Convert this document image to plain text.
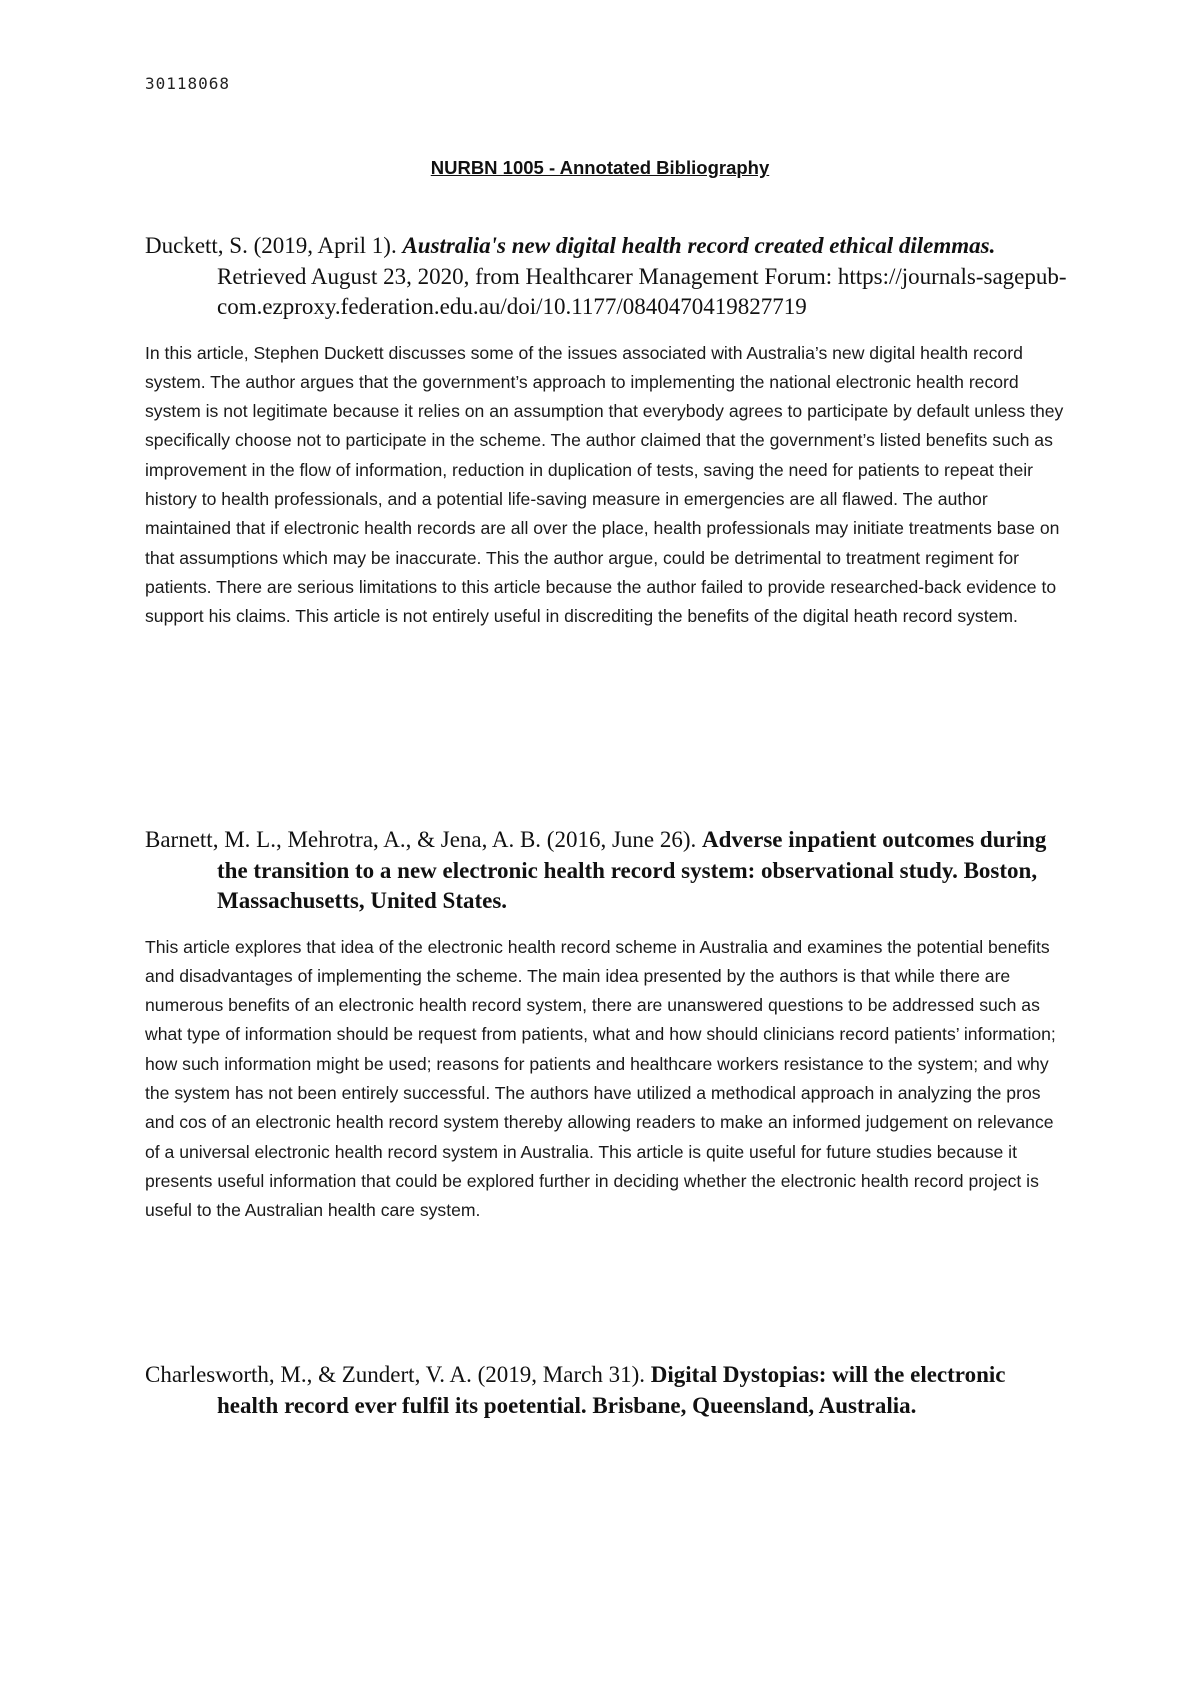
30118068
NURBN 1005 - Annotated Bibliography

Duckett, S. (2019, April 1). Australia's new digital health record created ethical dilemmas. Retrieved August 23, 2020, from Healthcarer Management Forum: https://journals-sagepub-com.ezproxy.federation.edu.au/doi/10.1177/0840470419827719

In this article, Stephen Duckett discusses some of the issues associated with Australia’s new digital health record system. The author argues that the government’s approach to implementing the national electronic health record system is not legitimate because it relies on an assumption that everybody agrees to participate by default unless they specifically choose not to participate in the scheme. The author claimed that the government’s listed benefits such as improvement in the flow of information, reduction in duplication of tests, saving the need for patients to repeat their history to health professionals, and a potential life-saving measure in emergencies are all flawed. The author maintained that if electronic health records are all over the place, health professionals may initiate treatments base on that assumptions which may be inaccurate. This the author argue, could be detrimental to treatment regiment for patients. There are serious limitations to this article because the author failed to provide researched-back evidence to support his claims. This article is not entirely useful in discrediting the benefits of the digital heath record system.

Barnett, M. L., Mehrotra, A., & Jena, A. B. (2016, June 26). Adverse inpatient outcomes during the transition to a new electronic health record system: observational study. Boston, Massachusetts, United States.

This article explores that idea of the electronic health record scheme in Australia and examines the potential benefits and disadvantages of implementing the scheme. The main idea presented by the authors is that while there are numerous benefits of an electronic health record system, there are unanswered questions to be addressed such as what type of information should be request from patients, what and how should clinicians record patients’ information; how such information might be used; reasons for patients and healthcare workers resistance to the system; and why the system has not been entirely successful. The authors have utilized a methodical approach in analyzing the pros and cos of an electronic health record system thereby allowing readers to make an informed judgement on relevance of a universal electronic health record system in Australia. This article is quite useful for future studies because it presents useful information that could be explored further in deciding whether the electronic health record project is useful to the Australian health care system.

Charlesworth, M., & Zundert, V. A. (2019, March 31). Digital Dystopias: will the electronic health record ever fulfil its poetential. Brisbane, Queensland, Australia.
